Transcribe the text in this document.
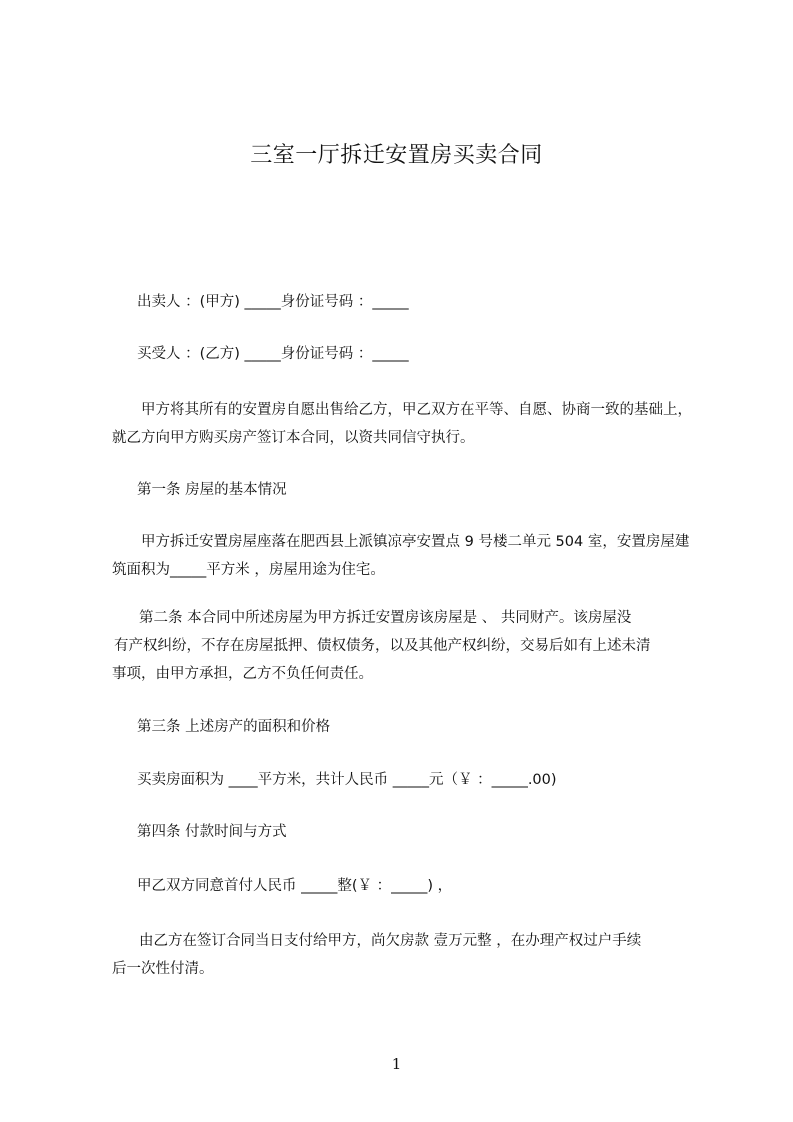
三室一厅拆迁安置房买卖合同
出卖人 ：(甲方) _____身份证号码 ：_____
买受人 ：(乙方) _____身份证号码 ：_____
　　甲方将其所有的安置房自愿出售给乙方，甲乙双方在平等、自愿、协商一致的基础上，就乙方向甲方购买房产签订本合同，以资共同信守执行。
第一条 房屋的基本情况
　　甲方拆迁安置房屋座落在肥西县上派镇凉亭安置点 9 号楼二单元 504 室，安置房屋建筑面积为_____平方米 ，房屋用途为住宅。
第二条 本合同中所述房屋为甲方拆迁安置房该房屋是 、 共同财产。该房屋没
有产权纠纷，不存在房屋抵押、债权债务，以及其他产权纠纷，交易后如有上述未清
事项，由甲方承担，乙方不负任何责任。
第三条 上述房产的面积和价格
买卖房面积为 ____平方米，共计人民币 _____元（￥ ：_____.00)
第四条 付款时间与方式
甲乙双方同意首付人民币 _____整(￥ ：_____) ，
由乙方在签订合同当日支付给甲方，尚欠房款 壹万元整 ，在办理产权过户手续
后一次性付清。
1
